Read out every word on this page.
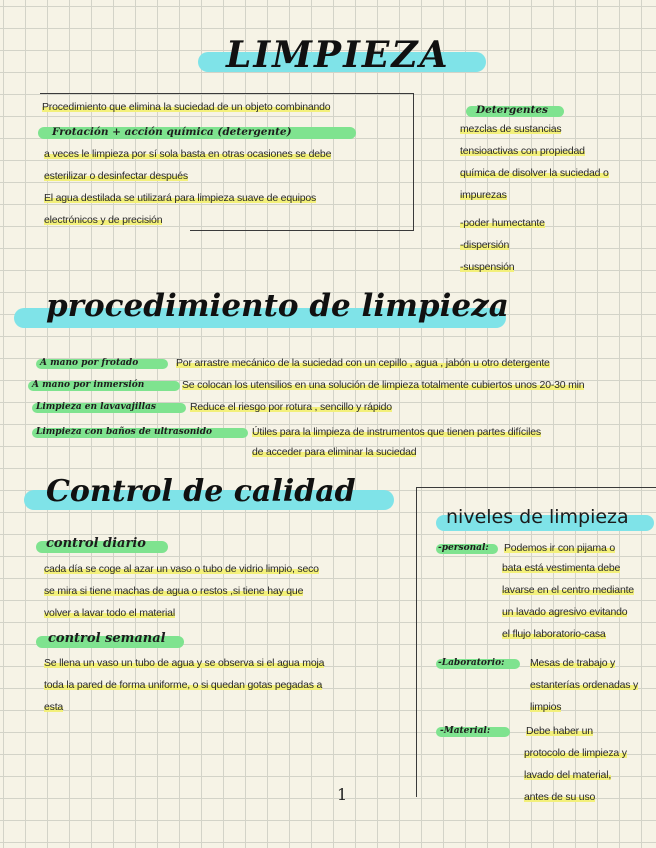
LIMPIEZA
Procedimiento que elimina la suciedad de un objeto combinando
Frotación + acción química (detergente)
a veces le limpieza por sí sola basta en otras ocasiones se debe
esterilizar o desinfectar después
El agua destilada se utilizará para limpieza suave de equipos
electrónicos y de precisión
Detergentes
mezclas de sustancias
tensioactivas con propiedad
química de disolver la suciedad o
impurezas
-poder humectante
-dispersión
-suspensión
procedimiento de limpieza
A mano por frotado	Por arrastre mecánico de la suciedad con un cepillo , agua , jabón u otro detergente
A mano por inmersión	Se colocan los utensilios en una solución de limpieza totalmente cubiertos unos 20-30 min
Limpieza en lavavajillas	Reduce el riesgo por rotura , sencillo y rápido
Limpieza con baños de ultrasonido	Útiles para la limpieza de instrumentos que tienen partes difíciles
de acceder para eliminar la suciedad
Control de calidad
control diario
cada día se coge al azar un vaso o tubo de vidrio limpio, seco
se mira si tiene machas de agua o restos ,si tiene hay que
volver a lavar todo el material
control semanal
Se llena un vaso un tubo de agua y se observa si el agua moja
toda la pared de forma uniforme, o si quedan gotas pegadas a
esta
niveles de limpieza
-personal: Podemos ir con pijama o
bata está vestimenta debe
lavarse en el centro mediante
un lavado agresivo evitando
el flujo laboratorio-casa
-Laboratorio: Mesas de trabajo y
estanterías ordenadas y
limpios
-Material:	Debe haber un
protocolo de limpieza y
lavado del material,
antes de su uso
1
